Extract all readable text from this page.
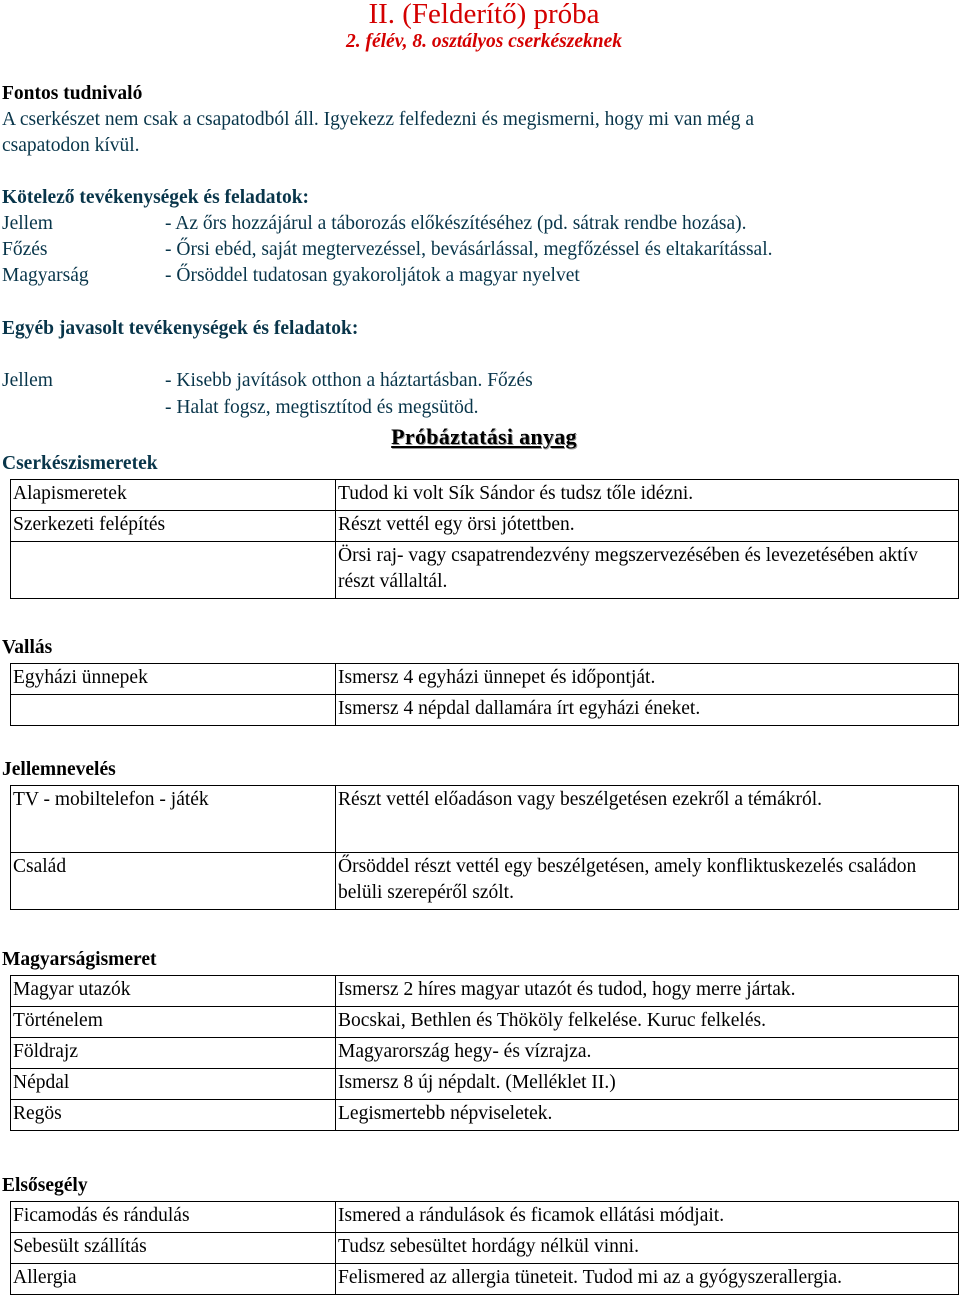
II. (Felderítő) próba
2. félév, 8. osztályos cserkészeknek
Fontos tudnivaló
A cserkészet nem csak a csapatodból áll. Igyekezz felfedezni és megismerni, hogy mi van még a
csapatodon kívül.
Kötelező tevékenységek és feladatok:
Jellem	- Az őrs hozzájárul a táborozás előkészítéséhez (pd. sátrak rendbe hozása).
Főzés	- Őrsi ebéd, saját megtervezéssel, bevásárlással, megfőzéssel és eltakarítással.
Magyarság	- Őrsöddel tudatosan gyakoroljátok a magyar nyelvet
Egyéb javasolt tevékenységek és feladatok:
Jellem	- Kisebb javítások otthon a háztartásban. Főzés
- Halat fogsz, megtisztítod és megsütöd.
Próbáztatási anyag
Cserkészismeretek
Alapismeretek	Tudod ki volt Sík Sándor és tudsz tőle idézni.
Szerkezeti felépítés	Részt vettél egy örsi jótettben.
	Örsi raj- vagy csapatrendezvény megszervezésében és levezetésében aktív részt vállaltál.
Vallás
Egyházi ünnepek	Ismersz 4 egyházi ünnepet és időpontját.
	Ismersz 4 népdal dallamára írt egyházi éneket.
Jellemnevelés
TV - mobiltelefon - játék	Részt vettél előadáson vagy beszélgetésen ezekről a témákról.
Család	Őrsöddel részt vettél egy beszélgetésen, amely konfliktuskezelés családon belüli szerepéről szólt.
Magyarságismeret
Magyar utazók	Ismersz 2 híres magyar utazót és tudod, hogy merre jártak.
Történelem	Bocskai, Bethlen és Thököly felkelése. Kuruc felkelés.
Földrajz	Magyarország hegy- és vízrajza.
Népdal	Ismersz 8 új népdalt. (Melléklet II.)
Regös	Legismertebb népviseletek.
Elsősegély
Ficamodás és rándulás	Ismered a rándulások és ficamok ellátási módjait.
Sebesült szállítás	Tudsz sebesültet hordágy nélkül vinni.
Allergia	Felismered az allergia tüneteit. Tudod mi az a gyógyszerallergia.
